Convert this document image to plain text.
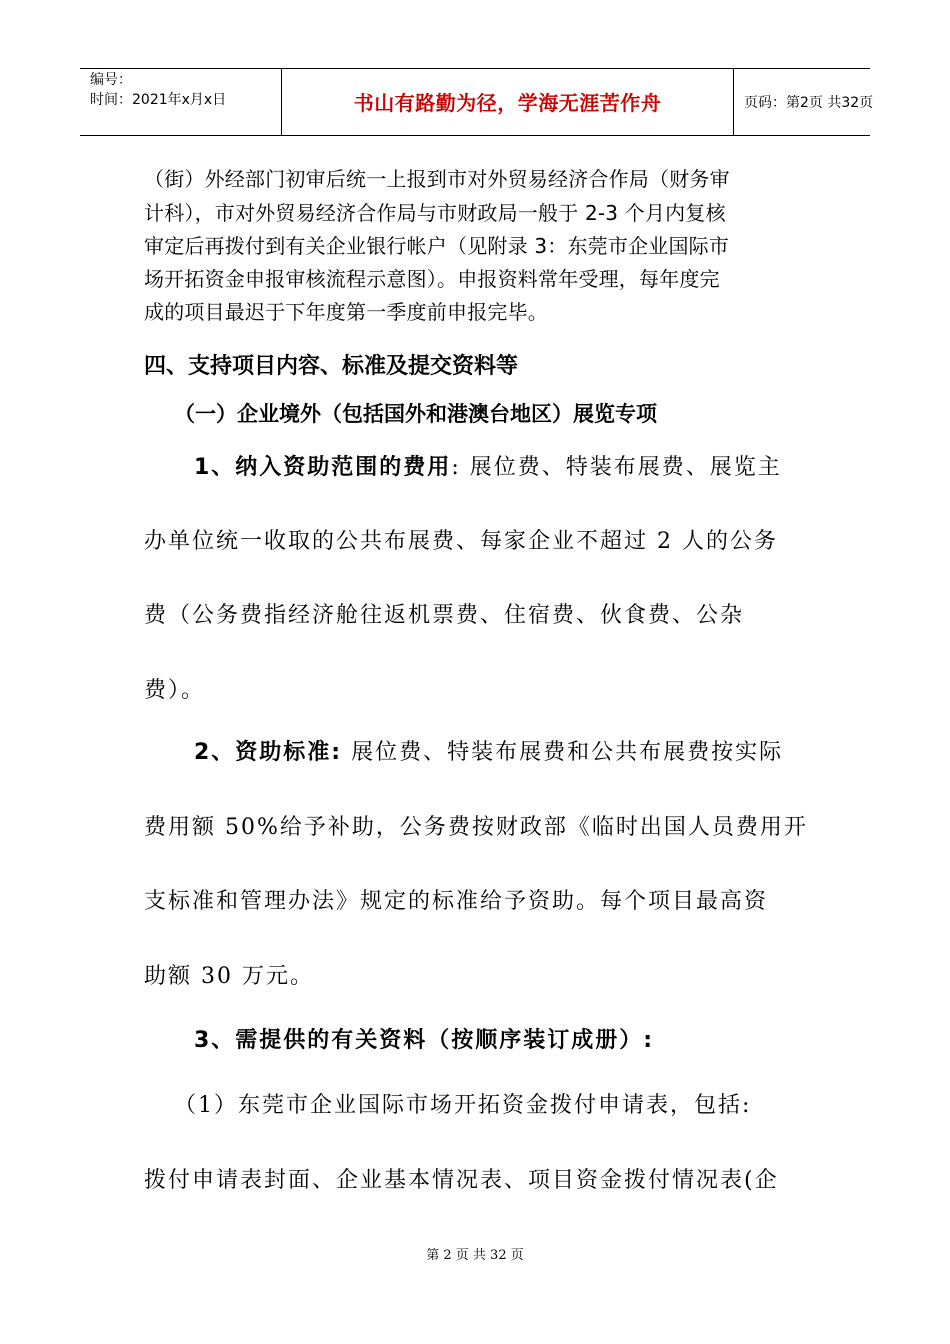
编号：
时间：2021年x月x日	书山有路勤为径，学海无涯苦作舟	页码：第2页 共32页

（街）外经部门初审后统一上报到市对外贸易经济合作局（财务审

计科），市对外贸易经济合作局与市财政局一般于 2-3 个月内复核

审定后再拨付到有关企业银行帐户（见附录 3：东莞市企业国际市

场开拓资金申报审核流程示意图）。申报资料常年受理，每年度完

成的项目最迟于下年度第一季度前申报完毕。

四、支持项目内容、标准及提交资料等

（一）企业境外（包括国外和港澳台地区）展览专项

1、纳入资助范围的费用: 展位费、特装布展费、展览主

办单位统一收取的公共布展费、每家企业不超过 2 人的公务

费（公务费指经济舱往返机票费、住宿费、伙食费、公杂

费）。

2、资助标准: 展位费、特装布展费和公共布展费按实际

费用额 50%给予补助，公务费按财政部《临时出国人员费用开

支标准和管理办法》规定的标准给予资助。每个项目最高资

助额 30 万元。

3、需提供的有关资料（按顺序装订成册）:

（1）东莞市企业国际市场开拓资金拨付申请表，包括:

拨付申请表封面、企业基本情况表、项目资金拨付情况表(企

第 2 页 共 32 页
